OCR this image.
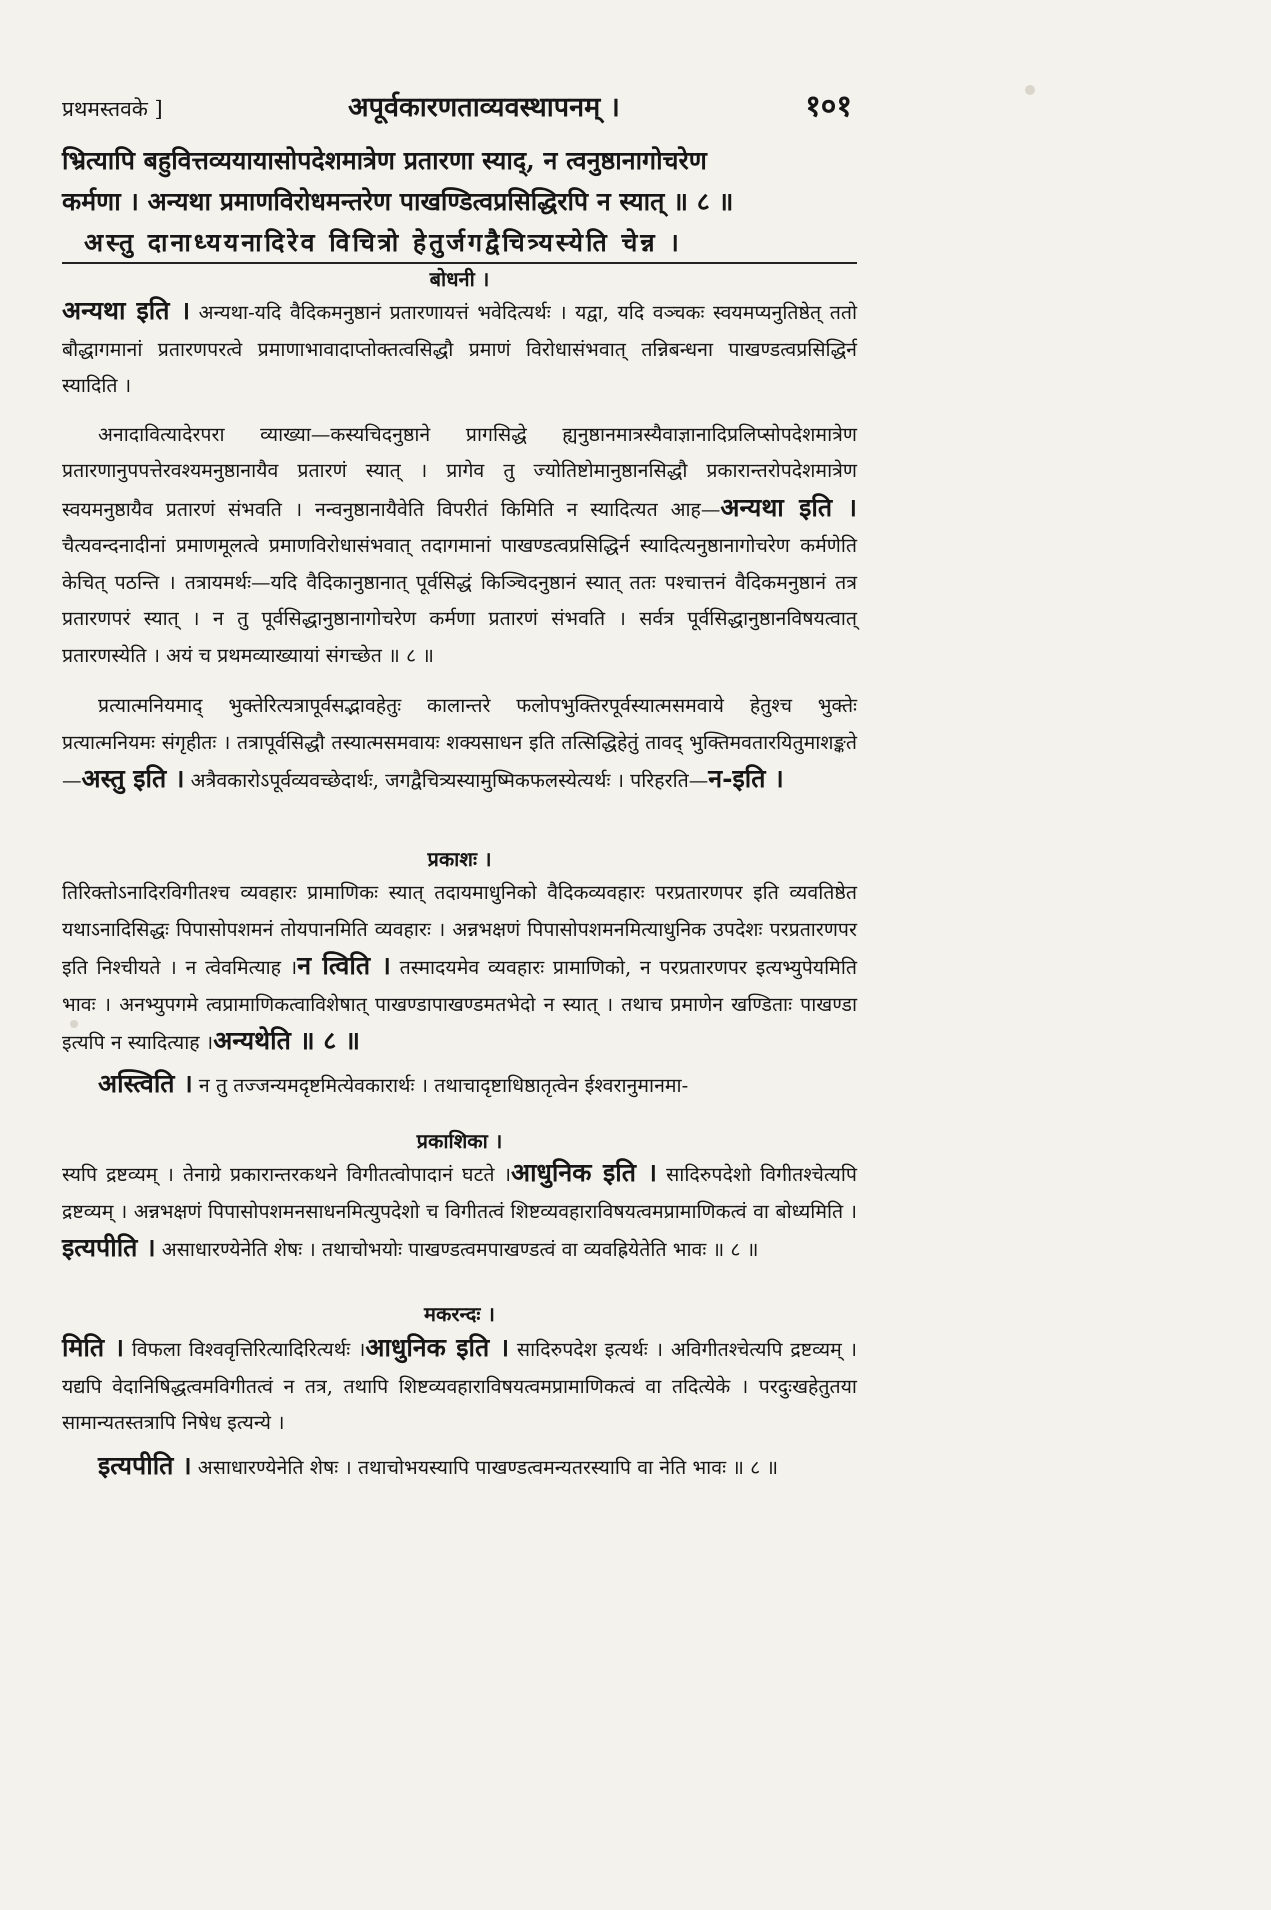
प्रथमस्तवके ]	अपूर्वकारणताव्यवस्थापनम् ।	१०१
भ्रित्यापि बहुवित्तव्ययायासोपदेशमात्रेण प्रतारणा स्याद्, न त्वनुष्ठानागोचरेण
कर्मणा । अन्यथा प्रमाणविरोधमन्तरेण पाखण्डित्वप्रसिद्धिरपि न स्यात् ॥ ८ ॥
अस्तु दानाध्ययनादिरेव विचित्रो हेतुर्जगद्वैचित्र्यस्येति चेन्न ।
बोधनी ।

अन्यथा इति । अन्यथा-यदि वैदिकमनुष्ठानं प्रतारणायत्तं भवेदित्यर्थः । यद्वा, यदि वञ्चकः स्वयमप्यनुतिष्ठेत् ततो बौद्धागमानां प्रतारणपरत्वे प्रमाणाभावादाप्तोक्तत्वसिद्धौ प्रमाणं विरोधासंभवात् तन्निबन्धना पाखण्डत्वप्रसिद्धिर्न स्यादिति ।

अनादावित्यादेरपरा व्याख्या—कस्यचिदनुष्ठाने प्रागसिद्धे ह्यनुष्ठानमात्रस्यैवाज्ञानादिप्रलिप्सोपदेशमात्रेण प्रतारणानुपपत्तेरवश्यमनुष्ठानायैव प्रतारणं स्यात् । प्रागेव तु ज्योतिष्टोमानुष्ठानसिद्धौ प्रकारान्तरोपदेशमात्रेण स्वयमनुष्ठायैव प्रतारणं संभवति । नन्वनुष्ठानायैवेति विपरीतं किमिति न स्यादित्यत आह—अन्यथा इति । चैत्यवन्दनादीनां प्रमाणमूलत्वे प्रमाणविरोधासंभवात् तदागमानां पाखण्डत्वप्रसिद्धिर्न स्यादित्यनुष्ठानागोचरेण कर्मणेति केचित् पठन्ति । तत्रायमर्थः—यदि वैदिकानुष्ठानात् पूर्वसिद्धं किञ्चिदनुष्ठानं स्यात् ततः पश्चात्तनं वैदिकमनुष्ठानं तत्र प्रतारणपरं स्यात् । न तु पूर्वसिद्धानुष्ठानागोचरेण कर्मणा प्रतारणं संभवति । सर्वत्र पूर्वसिद्धानुष्ठानविषयत्वात् प्रतारणस्येति । अयं च प्रथमव्याख्यायां संगच्छेत ॥ ८ ॥

प्रत्यात्मनियमाद् भुक्तेरित्यत्रापूर्वसद्भावहेतुः कालान्तरे फलोपभुक्तिरपूर्वस्यात्मसमवाये हेतुश्च भुक्तेः प्रत्यात्मनियमः संगृहीतः । तत्रापूर्वसिद्धौ तस्यात्मसमवायः शक्यसाधन इति तत्सिद्धिहेतुं तावद् भुक्तिमवतारयितुमाशङ्कते—अस्तु इति । अत्रैवकारोऽपूर्वव्यवच्छेदार्थः, जगद्वैचित्र्यस्यामुष्मिकफलस्येत्यर्थः । परिहरति—न-इति ।

प्रकाशः ।

तिरिक्तोऽनादिरविगीतश्च व्यवहारः प्रामाणिकः स्यात् तदायमाधुनिको वैदिकव्यवहारः परप्रतारणपर इति व्यवतिष्ठेत यथाऽनादिसिद्धः पिपासोपशमनं तोयपानमिति व्यवहारः । अन्नभक्षणं पिपासोपशमनमित्याधुनिक उपदेशः परप्रतारणपर इति निश्चीयते । न त्वेवमित्याह ।न त्विति । तस्मादयमेव व्यवहारः प्रामाणिको, न परप्रतारणपर इत्यभ्युपेयमिति भावः । अनभ्युपगमे त्वप्रामाणिकत्वाविशेषात् पाखण्डापाखण्डमतभेदो न स्यात् । तथाच प्रमाणेन खण्डिताः पाखण्डा इत्यपि न स्यादित्याह ।अन्यथेति ॥ ८ ॥

अस्त्विति । न तु तज्जन्यमदृष्टमित्येवकारार्थः । तथाचादृष्टाधिष्ठातृत्वेन ईश्वरानुमानमा-

प्रकाशिका ।

स्यपि द्रष्टव्यम् । तेनाग्रे प्रकारान्तरकथने विगीतत्वोपादानं घटते ।आधुनिक इति । सादिरुपदेशो विगीतश्चेत्यपि द्रष्टव्यम् । अन्नभक्षणं पिपासोपशमनसाधनमित्युपदेशो च विगीतत्वं शिष्टव्यवहाराविषयत्वमप्रामाणिकत्वं वा बोध्यमिति ।इत्यपीति । असाधारण्येनेति शेषः । तथाचोभयोः पाखण्डत्वमपाखण्डत्वं वा व्यवह्रियेतेति भावः ॥ ८ ॥

मकरन्दः ।

मिति । विफला विश्ववृत्तिरित्यादिरित्यर्थः ।आधुनिक इति । सादिरुपदेश इत्यर्थः । अविगीतश्चेत्यपि द्रष्टव्यम् । यद्यपि वेदानिषिद्धत्वमविगीतत्वं न तत्र, तथापि शिष्टव्यवहाराविषयत्वमप्रामाणिकत्वं वा तदित्येके । परदुःखहेतुतया सामान्यतस्तत्रापि निषेध इत्यन्ये ।

इत्यपीति । असाधारण्येनेति शेषः । तथाचोभयस्यापि पाखण्डत्वमन्यतरस्यापि वा नेति भावः ॥ ८ ॥
